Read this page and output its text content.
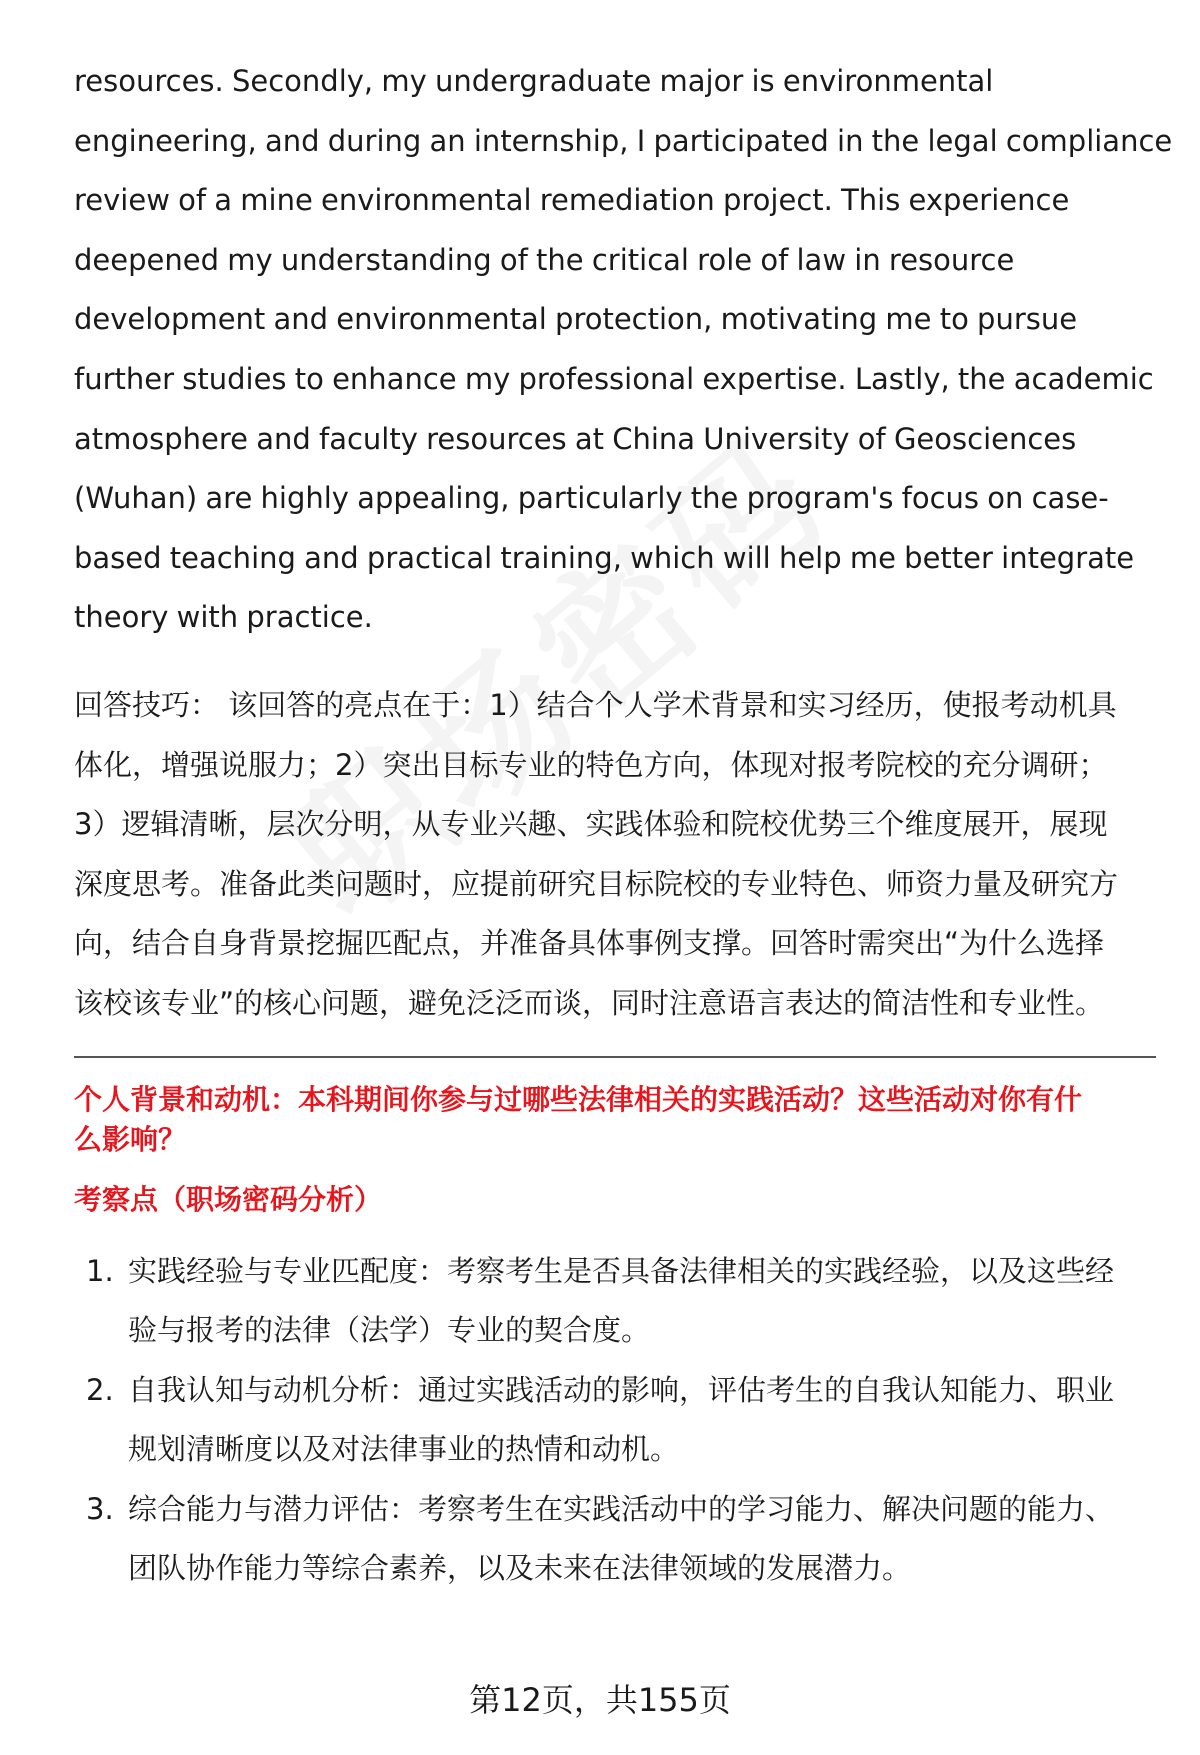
resources. Secondly, my undergraduate major is environmental
engineering, and during an internship, I participated in the legal compliance
review of a mine environmental remediation project. This experience
deepened my understanding of the critical role of law in resource
development and environmental protection, motivating me to pursue
further studies to enhance my professional expertise. Lastly, the academic
atmosphere and faculty resources at China University of Geosciences
(Wuhan) are highly appealing, particularly the program's focus on case-
based teaching and practical training, which will help me better integrate
theory with practice.
回答技巧： 该回答的亮点在于：1）结合个人学术背景和实习经历，使报考动机具
体化，增强说服力；2）突出目标专业的特色方向，体现对报考院校的充分调研；
3）逻辑清晰，层次分明，从专业兴趣、实践体验和院校优势三个维度展开，展现
深度思考。准备此类问题时，应提前研究目标院校的专业特色、师资力量及研究方
向，结合自身背景挖掘匹配点，并准备具体事例支撑。回答时需突出“为什么选择
该校该专业”的核心问题，避免泛泛而谈，同时注意语言表达的简洁性和专业性。
个人背景和动机：本科期间你参与过哪些法律相关的实践活动？这些活动对你有什
么影响？
考察点（职场密码分析）
1. 实践经验与专业匹配度：考察考生是否具备法律相关的实践经验，以及这些经
验与报考的法律（法学）专业的契合度。
2. 自我认知与动机分析：通过实践活动的影响，评估考生的自我认知能力、职业
规划清晰度以及对法律事业的热情和动机。
3. 综合能力与潜力评估：考察考生在实践活动中的学习能力、解决问题的能力、
团队协作能力等综合素养，以及未来在法律领域的发展潜力。
第12页，共155页
